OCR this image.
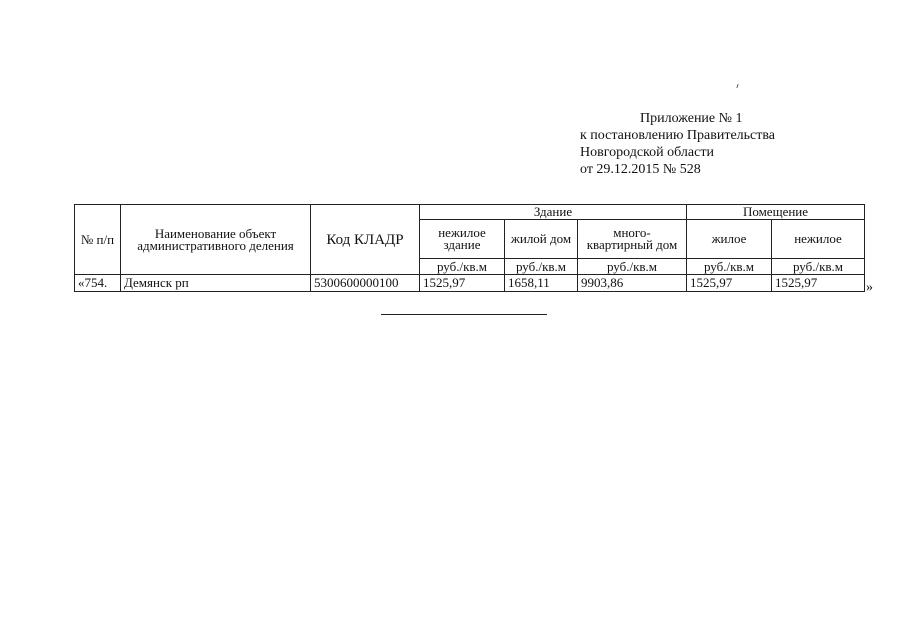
Приложение № 1
к постановлению Правительства
Новгородской области
от 29.12.2015 № 528
№ п/п	Наименование объект административного деления	Код КЛАДР	Здание			Помещение	
			нежилое здание	жилой дом	много-квартирный дом	жилое	нежилое
			руб./кв.м	руб./кв.м	руб./кв.м	руб./кв.м	руб./кв.м
«754.	Демянск рп	5300600000100	1525,97	1658,11	9903,86	1525,97	1525,97	»
